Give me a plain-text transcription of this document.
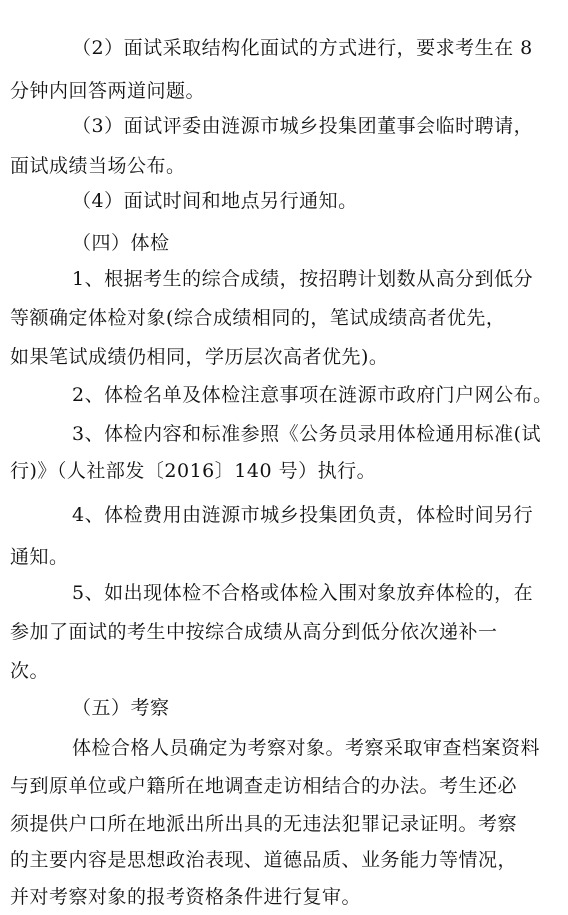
（2）面试采取结构化面试的方式进行，要求考生在 8
分钟内回答两道问题。
（3）面试评委由涟源市城乡投集团董事会临时聘请，
面试成绩当场公布。
（4）面试时间和地点另行通知。
（四）体检
1、根据考生的综合成绩，按招聘计划数从高分到低分
等额确定体检对象(综合成绩相同的，笔试成绩高者优先，
如果笔试成绩仍相同，学历层次高者优先)。
2、体检名单及体检注意事项在涟源市政府门户网公布。
3、体检内容和标准参照《公务员录用体检通用标准(试
行)》（人社部发〔2016〕140 号）执行。
4、体检费用由涟源市城乡投集团负责，体检时间另行
通知。
5、如出现体检不合格或体检入围对象放弃体检的，在
参加了面试的考生中按综合成绩从高分到低分依次递补一
次。
（五）考察
体检合格人员确定为考察对象。考察采取审查档案资料
与到原单位或户籍所在地调查走访相结合的办法。考生还必
须提供户口所在地派出所出具的无违法犯罪记录证明。考察
的主要内容是思想政治表现、道德品质、业务能力等情况，
并对考察对象的报考资格条件进行复审。
